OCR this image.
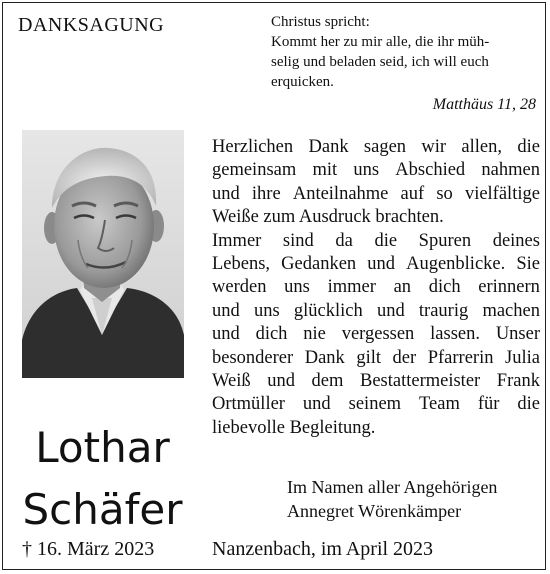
DANKSAGUNG	Christus spricht:
Kommt her zu mir alle, die ihr müh-
selig und beladen seid, ich will euch
erquicken.
Matthäus 11, 28
Lothar
Schäfer
† 16. März 2023
Herzlichen Dank sagen wir allen, die
gemeinsam mit uns Abschied nahmen
und ihre Anteilnahme auf so vielfältige
Weiße zum Ausdruck brachten.
Immer sind da die Spuren deines
Lebens, Gedanken und Augenblicke. Sie
werden uns immer an dich erinnern
und uns glücklich und traurig machen
und dich nie vergessen lassen. Unser
besonderer Dank gilt der Pfarrerin Julia
Weiß und dem Bestattermeister Frank
Ortmüller und seinem Team für die
liebevolle Begleitung.
Im Namen aller Angehörigen
Annegret Wörenkämper
Nanzenbach, im April 2023
